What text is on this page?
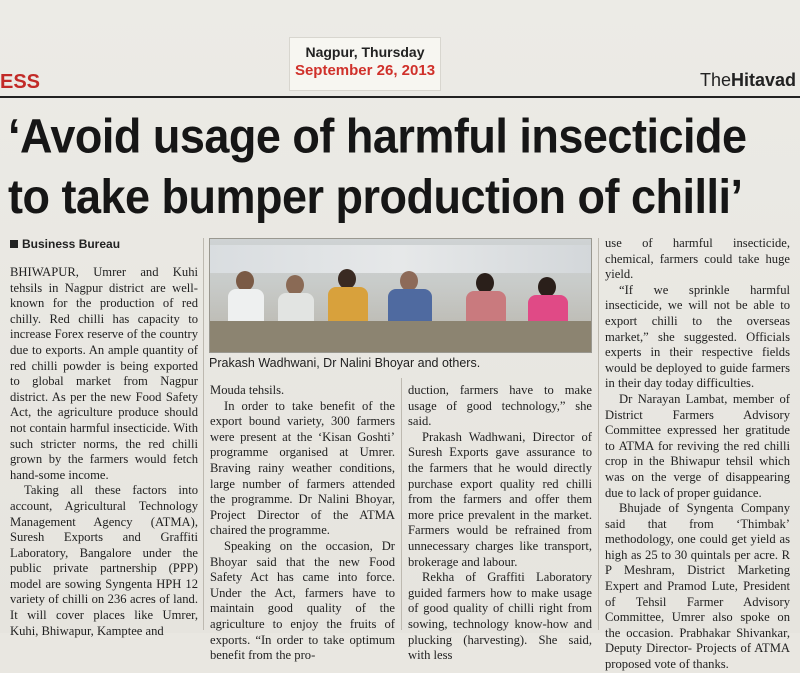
Nagpur, Thursday
September 26, 2013
ESS	TheHitavad
‘Avoid usage of harmful insecticide
to take bumper production of chilli’
Business Bureau

BHIWAPUR, Umrer and Kuhi tehsils in Nagpur district are well-known for the production of red chilly. Red chilli has capacity to increase Forex reserve of the country due to exports. An ample quantity of red chilli powder is being exported to global market from Nagpur district. As per the new Food Safety Act, the agriculture produce should not contain harmful insecticide. With such stricter norms, the red chilli grown by the farmers would fetch hand-some income.

Taking all these factors into account, Agricultural Technology Management Agency (ATMA), Suresh Exports and Graffiti Laboratory, Bangalore under the public private partnership (PPP) model are sowing Syngenta HPH 12 variety of chilli on 236 acres of land. It will cover places like Umrer, Kuhi, Bhiwapur, Kamptee and

Prakash Wadhwani, Dr Nalini Bhoyar and others.

Mouda tehsils.

In order to take benefit of the export bound variety, 300 farmers were present at the ‘Kisan Goshti’ programme organised at Umrer. Braving rainy weather conditions, large number of farmers attended the programme. Dr Nalini Bhoyar, Project Director of the ATMA chaired the programme.

Speaking on the occasion, Dr Bhoyar said that the new Food Safety Act has came into force. Under the Act, farmers have to maintain good quality of the agriculture to enjoy the fruits of exports. “In order to take optimum benefit from the pro-

duction, farmers have to make usage of good technology,” she said.

Prakash Wadhwani, Director of Suresh Exports gave assurance to the farmers that he would directly purchase export quality red chilli from the farmers and offer them more price prevalent in the market. Farmers would be refrained from unnecessary charges like transport, brokerage and labour.

Rekha of Graffiti Laboratory guided farmers how to make usage of good quality of chilli right from sowing, technology know-how and plucking (harvesting). She said, with less

use of harmful insecticide, chemical, farmers could take huge yield.

“If we sprinkle harmful insecticide, we will not be able to export chilli to the overseas market,” she suggested. Officials experts in their respective fields would be deployed to guide farmers in their day today difficulties.

Dr Narayan Lambat, member of District Farmers Advisory Committee expressed her gratitude to ATMA for reviving the red chilli crop in the Bhiwapur tehsil which was on the verge of disappearing due to lack of proper guidance.

Bhujade of Syngenta Company said that from ‘Thimbak’ methodology, one could get yield as high as 25 to 30 quintals per acre. R P Meshram, District Marketing Expert and Pramod Lute, President of Tehsil Farmer Advisory Committee, Umrer also spoke on the occasion. Prabhakar Shivankar, Deputy Director- Projects of ATMA proposed vote of thanks.
